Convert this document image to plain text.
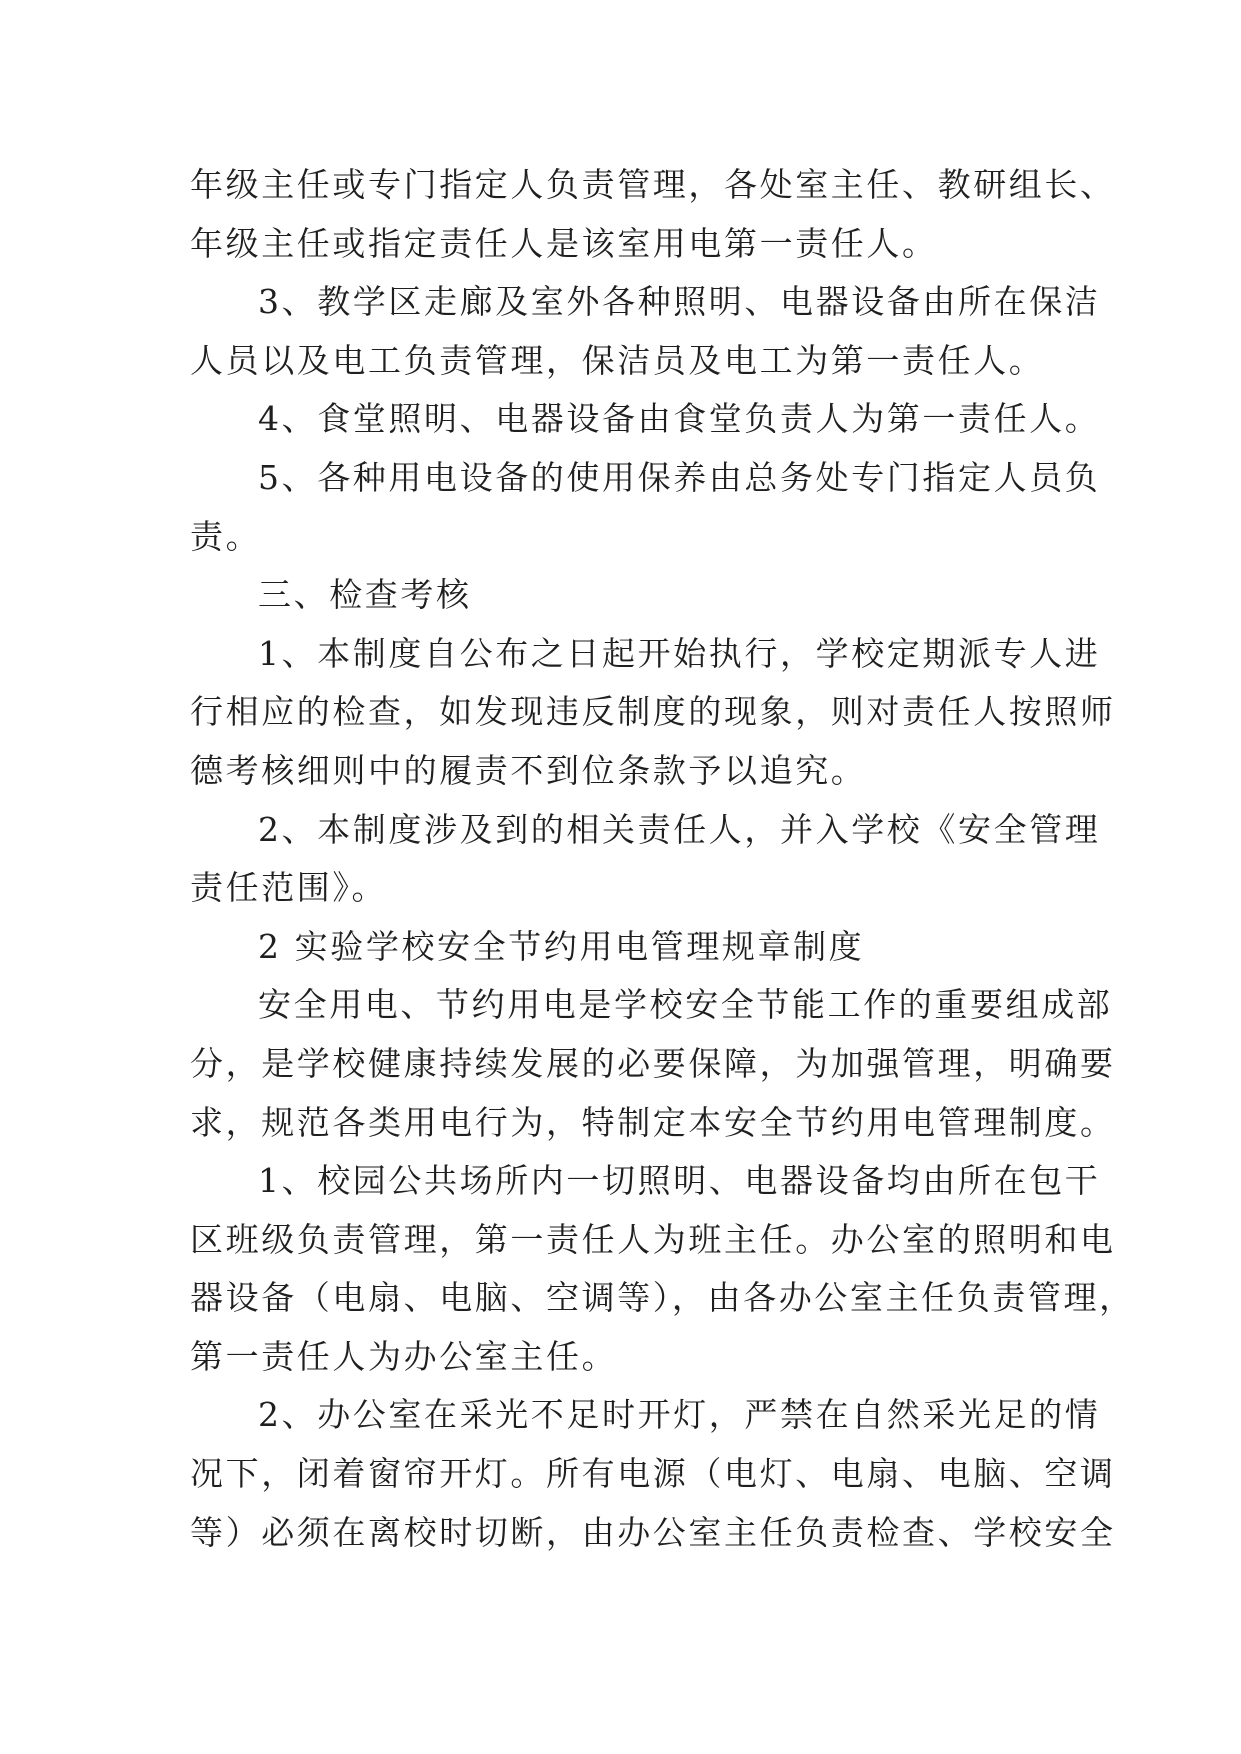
年级主任或专门指定人负责管理，各处室主任、教研组长、
年级主任或指定责任人是该室用电第一责任人。
3、教学区走廊及室外各种照明、电器设备由所在保洁
人员以及电工负责管理，保洁员及电工为第一责任人。
4、食堂照明、电器设备由食堂负责人为第一责任人。
5、各种用电设备的使用保养由总务处专门指定人员负
责。
三、检查考核
1、本制度自公布之日起开始执行，学校定期派专人进
行相应的检查，如发现违反制度的现象，则对责任人按照师
德考核细则中的履责不到位条款予以追究。
2、本制度涉及到的相关责任人，并入学校《安全管理
责任范围》。
2 实验学校安全节约用电管理规章制度
安全用电、节约用电是学校安全节能工作的重要组成部
分，是学校健康持续发展的必要保障，为加强管理，明确要
求，规范各类用电行为，特制定本安全节约用电管理制度。
1、校园公共场所内一切照明、电器设备均由所在包干
区班级负责管理，第一责任人为班主任。办公室的照明和电
器设备（电扇、电脑、空调等），由各办公室主任负责管理，
第一责任人为办公室主任。
2、办公室在采光不足时开灯，严禁在自然采光足的情
况下，闭着窗帘开灯。所有电源（电灯、电扇、电脑、空调
等）必须在离校时切断，由办公室主任负责检查、学校安全
